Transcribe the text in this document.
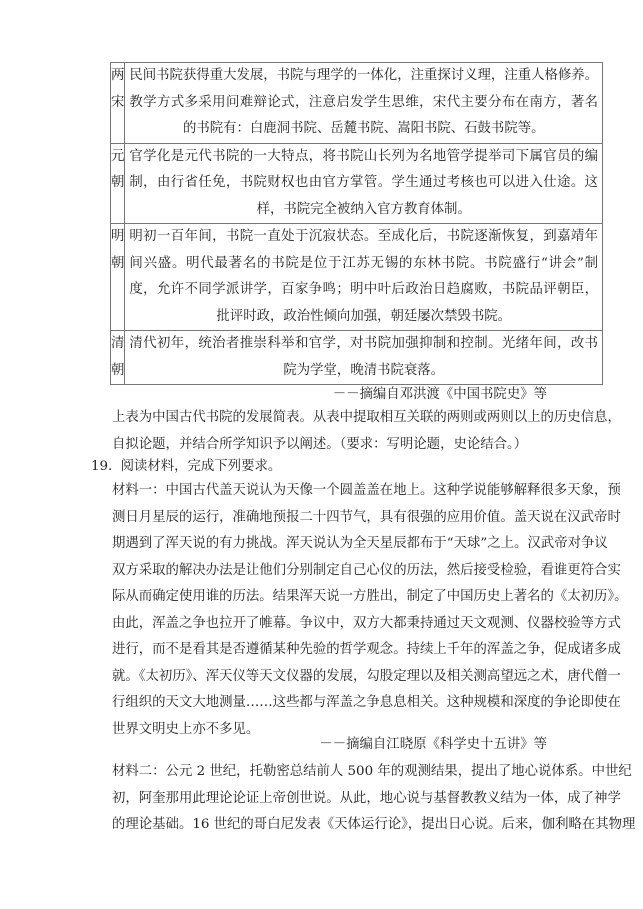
两宋	民间书院获得重大发展，书院与理学的一体化，注重探讨义理，注重人格修养。
教学方式多采用问难辩论式，注意启发学生思维，宋代主要分布在南方，著名
的书院有：白鹿洞书院、岳麓书院、嵩阳书院、石鼓书院等。

元朝	官学化是元代书院的一大特点，将书院山长列为名地管学提举司下属官员的编
制，由行省任免，书院财权也由官方掌管。学生通过考核也可以进入仕途。这
样，书院完全被纳入官方教育体制。

明朝	明初一百年间，书院一直处于沉寂状态。至成化后，书院逐渐恢复，到嘉靖年
间兴盛。明代最著名的书院是位于江苏无锡的东林书院。书院盛行“讲会”制
度，允许不同学派讲学，百家争鸣；明中叶后政治日趋腐败，书院品评朝臣，
批评时政，政治性倾向加强，朝廷屡次禁毁书院。

清朝	清代初年，统治者推崇科举和官学，对书院加强抑制和控制。光绪年间，改书
院为学堂，晚清书院衰落。
－－摘编自邓洪渡《中国书院史》等
上表为中国古代书院的发展简表。从表中提取相互关联的两则或两则以上的历史信息，
自拟论题，并结合所学知识予以阐述。（要求：写明论题，史论结合。）
19. 阅读材料，完成下列要求。
材料一：中国古代盖天说认为天像一个圆盖盖在地上。这种学说能够解释很多天象，预
测日月星辰的运行，准确地预报二十四节气，具有很强的应用价值。盖天说在汉武帝时
期遇到了浑天说的有力挑战。浑天说认为全天星辰都布于“天球”之上。汉武帝对争议
双方采取的解决办法是让他们分别制定自己心仪的历法，然后接受检验，看谁更符合实
际从而确定使用谁的历法。结果浑天说一方胜出，制定了中国历史上著名的《太初历》。
由此，浑盖之争也拉开了帷幕。争议中，双方大都秉持通过天文观测、仪器校验等方式
进行，而不是看其是否遵循某种先验的哲学观念。持续上千年的浑盖之争，促成诸多成
就。《太初历》、浑天仪等天文仪器的发展，勾股定理以及相关测高望远之术，唐代僧一
行组织的天文大地测量……这些都与浑盖之争息息相关。这种规模和深度的争论即使在
世界文明史上亦不多见。
－－摘编自江晓原《科学史十五讲》等
材料二：公元 2 世纪，托勒密总结前人 500 年的观测结果，提出了地心说体系。中世纪
初，阿奎那用此理论论证上帝创世说。从此，地心说与基督教教义结为一体，成了神学
的理论基础。16 世纪的哥白尼发表《天体运行论》，提出日心说。后来，伽利略在其物理
